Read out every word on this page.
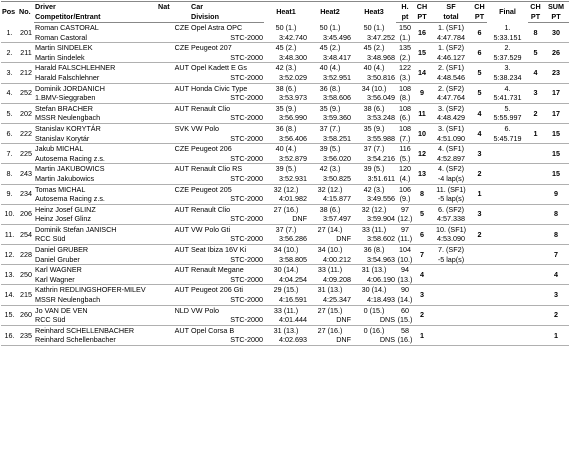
Pos	No.	Driver	Nat	Car	Heat1	Heat2	Heat3	H.	CH	SF	CH	Final	CH	SUM
		Competitor/Entrant		Division				pt	PT	total	PT		PT	PT
1.	201	Roman CASTORAL	CZE	Opel Astra OPC	50 (1.)	50 (1.)	50 (1.)	150	16	1. (SF1)	6	1.	8	30
		Roman Castoral		STC-2000	3:42.740	3:45.496	3:47.252	(1.)		4:47.784		5:33.151		
2.	211	Martin SINDELEK	CZE	Peugeot 207	45 (2.)	45 (2.)	45 (2.)	135	15	1. (SF2)	6	2.	5	26
		Martin Sindelek		STC-2000	3:48.300	3:48.417	3:48.968	(2.)		4:46.127		5:37.529		
3.	212	Harald FALSCHLEHNER	AUT	Opel Kadett E Gs	42 (3.)	40 (4.)	40 (4.)	122	14	2. (SF1)	5	3.	4	23
		Harald Falschlehner		STC-2000	3:52.029	3:52.951	3:50.816	(3.)		4:48.546		5:38.234		
4.	252	Dominik JORDANICH	AUT	Honda Civic Type	38 (6.)	36 (8.)	34 (10.)	108	9	2. (SF2)	5	4.	3	17
		1.BMV-Sieggraben		STC-2000	3:53.973	3:58.606	3:56.049	(8.)		4:47.764		5:41.731		
5.	202	Stefan BRACHER	AUT	Renault Clio	35 (9.)	35 (9.)	38 (6.)	108	11	3. (SF2)	4	5.	2	17
		MSSR Neulengbach		STC-2000	3:56.990	3:59.360	3:53.248	(6.)		4:48.429		5:55.997		
6.	222	Stanislav KORYTÁR	SVK	VW Polo	36 (8.)	37 (7.)	35 (9.)	108	10	3. (SF1)	4	6.	1	15
		Stanislav Korytár		STC-2000	3:56.406	3:58.251	3:55.988	(7.)		4:51.090		5:45.719		
7.	225	Jakub MICHAL	CZE	Peugeot 206	40 (4.)	39 (5.)	37 (7.)	116	12	4. (SF1)	3			15
		Autosema Racing z.s.		STC-2000	3:52.879	3:56.020	3:54.216	(5.)		4:52.897				
8.	243	Martin JAKUBOWICS	AUT	Renault Clio RS	39 (5.)	42 (3.)	39 (5.)	120	13	4. (SF2)	2			15
		Martin Jakubowics		STC-2000	3:52.931	3:50.825	3:51.611	(4.)		-4 lap(s)				
9.	234	Tomas MICHAL	CZE	Peugeot 205	32 (12.)	32 (12.)	42 (3.)	106	8	11. (SF1)	1			9
		Autosema Racing z.s.		STC-2000	4:01.982	4:15.877	3:49.556	(9.)		-5 lap(s)				
10.	206	Heinz Josef GLINZ	AUT	Renault Clio	27 (16.)	38 (6.)	32 (12.)	97	5	6. (SF2)	3			8
		Heinz Josef Glinz		STC-2000	DNF	3:57.497	3:59.904	(12.)		4:57.338				
11.	254	Dominik Stefan JANISCH	AUT	VW Polo Gti	37 (7.)	27 (14.)	33 (11.)	97	6	10. (SF1)	2			8
		RCC Süd		STC-2000	3:56.286	DNF	3:58.602	(11.)		4:53.090				
12.	228	Daniel GRUBER	AUT	Seat Ibiza 16V Ki	34 (10.)	34 (10.)	36 (8.)	104	7	7. (SF2)				7
		Daniel Gruber		STC-2000	3:58.805	4:00.212	3:54.963	(10.)		-5 lap(s)				
13.	250	Karl WAGNER	AUT	Renault Megane	30 (14.)	33 (11.)	31 (13.)	94	4					4
		Karl Wagner		STC-2000	4:04.254	4:09.208	4:06.190	(13.)						
14.	215	Kathrin REDLINGSHOFER-MILEV	AUT	Peugeot 206 Gti	29 (15.)	31 (13.)	30 (14.)	90	3					3
		MSSR Neulengbach		STC-2000	4:16.591	4:25.347	4:18.493	(14.)						
15.	260	Jo VAN DE VEN	NLD	VW Polo	33 (11.)	27 (15.)	0 (15.)	60	2					2
		RCC Süd		STC-2000	4:01.444	DNF	DNS	(15.)						
16.	235	Reinhard SCHELLENBACHER	AUT	Opel Corsa B	31 (13.)	27 (16.)	0 (16.)	58	1					1
		Reinhard Schellenbacher		STC-2000	4:02.693	DNF	DNS	(16.)						
